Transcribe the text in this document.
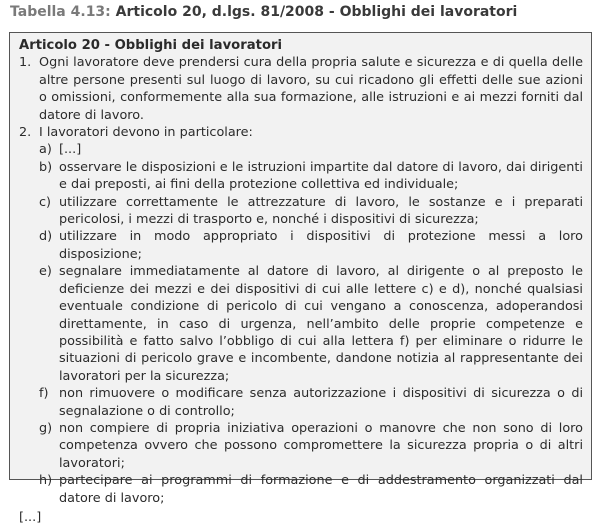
Tabella 4.13: Articolo 20, d.lgs. 81/2008 - Obblighi dei lavoratori
Articolo 20 - Obblighi dei lavoratori
1. Ogni lavoratore deve prendersi cura della propria salute e sicurezza e di quella delle altre persone presenti sul luogo di lavoro, su cui ricadono gli effetti delle sue azioni o omissioni, conformemente alla sua formazione, alle istruzioni e ai mezzi forniti dal datore di lavoro.
2. I lavoratori devono in particolare:
a) [...]
b) osservare le disposizioni e le istruzioni impartite dal datore di lavoro, dai dirigenti e dai preposti, ai fini della protezione collettiva ed individuale;
c) utilizzare correttamente le attrezzature di lavoro, le sostanze e i preparati pericolosi, i mezzi di trasporto e, nonché i dispositivi di sicurezza;
d) utilizzare in modo appropriato i dispositivi di protezione messi a loro disposizione;
e) segnalare immediatamente al datore di lavoro, al dirigente o al preposto le deficienze dei mezzi e dei dispositivi di cui alle lettere c) e d), nonché qualsiasi eventuale condizione di pericolo di cui vengano a conoscenza, adoperandosi direttamente, in caso di urgenza, nell’ambito delle proprie competenze e possibilità e fatto salvo l’obbligo di cui alla lettera f) per eliminare o ridurre le situazioni di pericolo grave e incombente, dandone notizia al rappresentante dei lavoratori per la sicurezza;
f) non rimuovere o modificare senza autorizzazione i dispositivi di sicurezza o di segnalazione o di controllo;
g) non compiere di propria iniziativa operazioni o manovre che non sono di loro competenza ovvero che possono compromettere la sicurezza propria o di altri lavoratori;
h) partecipare ai programmi di formazione e di addestramento organizzati dal datore di lavoro;
[...]
